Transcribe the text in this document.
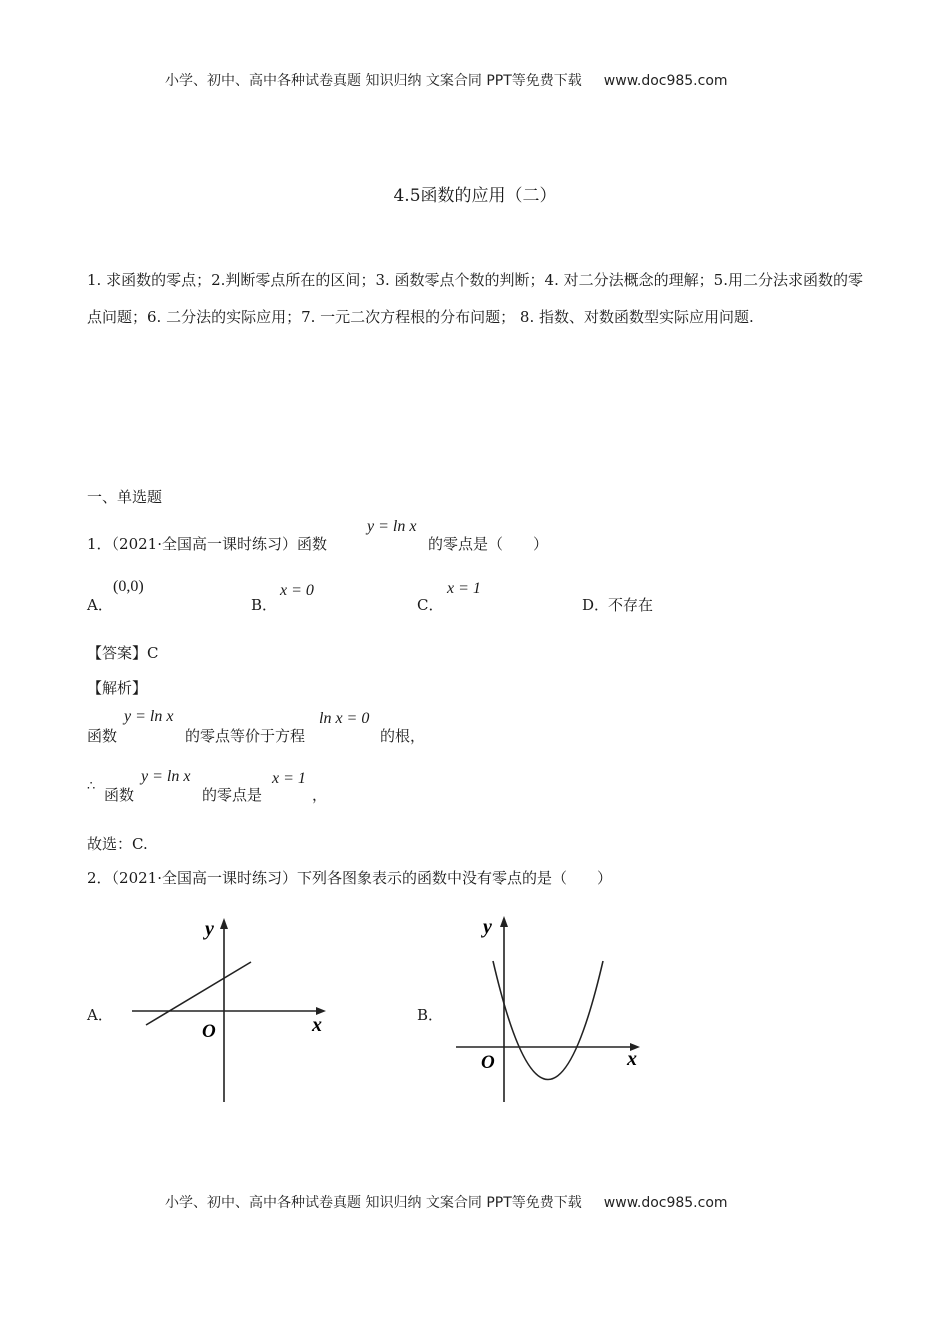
小学、初中、高中各种试卷真题 知识归纳 文案合同 PPT等免费下载 www.doc985.com
4.5函数的应用（二）
1. 求函数的零点；2.判断零点所在的区间；3. 函数零点个数的判断；4. 对二分法概念的理解；5.用二分法求函数的零点问题；6. 二分法的实际应用；7. 一元二次方程根的分布问题； 8. 指数、对数函数型实际应用问题.
一、单选题
1．（2021·全国高一课时练习）函数
y = ln x
的零点是（　　）
A．
(0,0)
B．
x = 0
C．
x = 1
D．
不存在
【答案】C
【解析】
函数
y = ln x
的零点等价于方程
ln x = 0
的根，
∴ 函数
y = ln x
的零点是
x = 1
，
故选：C.
2．（2021·全国高一课时练习）下列各图象表示的函数中没有零点的是（　　）
A．
y
x
O
B．
y
x
O
小学、初中、高中各种试卷真题 知识归纳 文案合同 PPT等免费下载 www.doc985.com
